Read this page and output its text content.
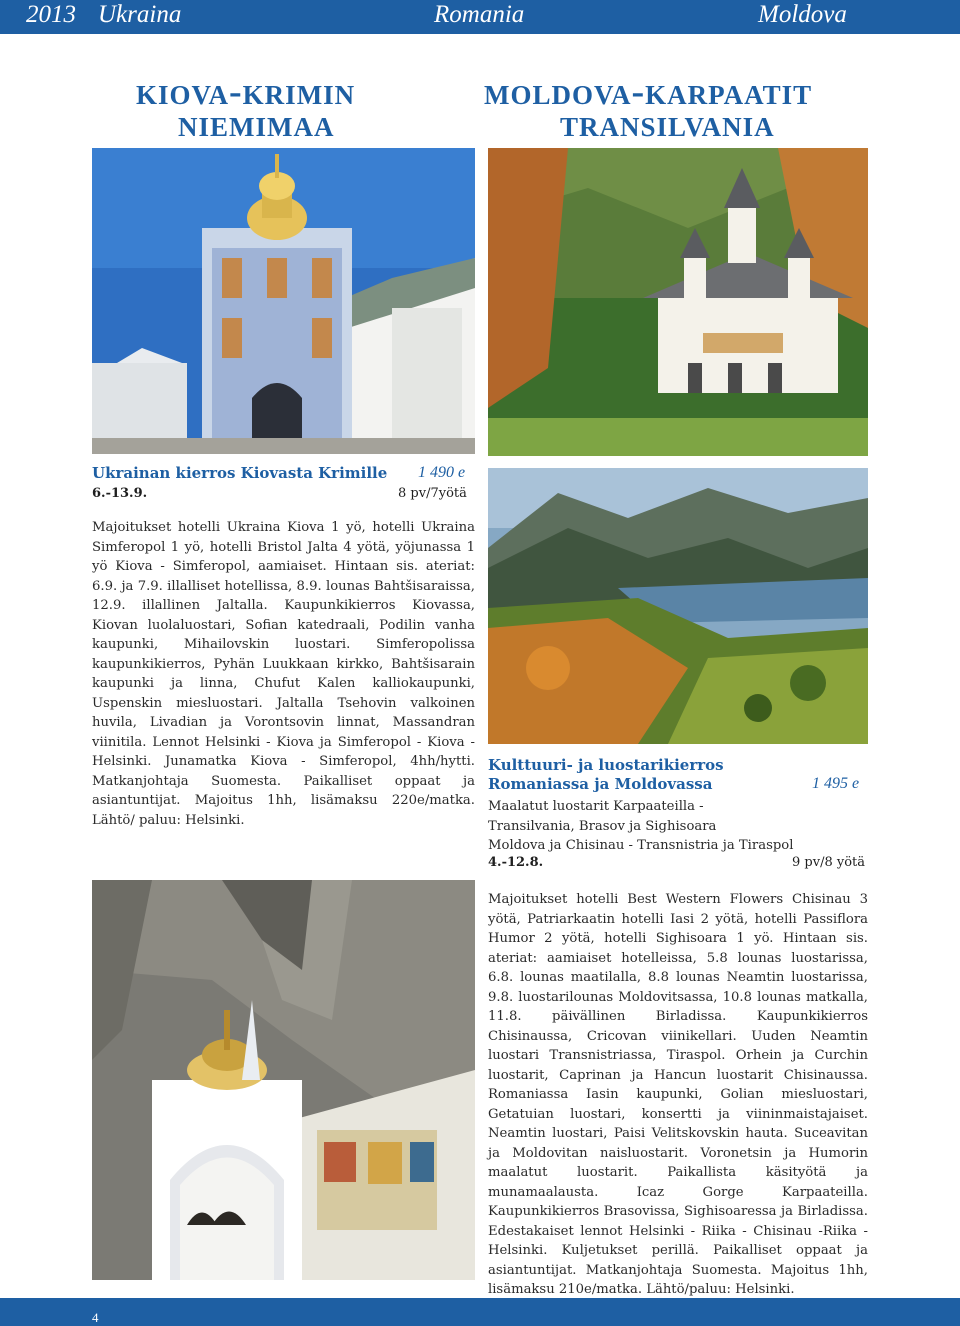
2013 Ukraina	Romania	Moldova
kiova-krimin
niemimaa
moldova-karpaatit
transilvania
Ukrainan kierros Kiovasta Krimille 1 490 e
6.-13.9.	8 pv/7yötä
Majoitukset hotelli Ukraina Kiova 1 yö, hotelli Ukraina Simferopol 1 yö, hotelli Bristol Jalta 4 yötä, yöjunassa 1 yö Kiova - Simferopol, aamiaiset. Hintaan sis. ateriat: 6.9. ja 7.9. illalliset hotellissa, 8.9. lounas Bahtšisaraissa, 12.9. illallinen Jaltalla. Kaupunkikierros Kiovassa, Kiovan luolaluostari, Sofian katedraali, Podilin vanha kaupunki, Mihailovskin luostari. Simferopolissa kaupunkikierros, Pyhän Luukkaan kirkko, Bahtšisarain kaupunki ja linna, Chufut Kalen kalliokaupunki, Uspenskin miesluostari. Jaltalla Tsehovin valkoinen huvila, Livadian ja Vorontsovin linnat, Massandran viinitila. Lennot Helsinki - Kiova ja Simferopol - Kiova - Helsinki. Junamatka Kiova - Simferopol, 4hh/hytti. Matkanjohtaja Suomesta. Paikalliset oppaat ja asiantuntijat. Majoitus 1hh, lisämaksu 220e/matka. Lähtö/ paluu: Helsinki.
Kulttuuri- ja luostarikierros
Romaniassa ja Moldovassa	1 495 e
Maalatut luostarit Karpaateilla -
Transilvania, Brasov ja Sighisoara
Moldova ja Chisinau - Transnistria ja Tiraspol
4.-12.8.	9 pv/8 yötä
Majoitukset hotelli Best Western Flowers Chisinau 3 yötä, Patriarkaatin hotelli Iasi 2 yötä, hotelli Passiflora Humor 2 yötä, hotelli Sighisoara 1 yö. Hintaan sis. ateriat: aamiaiset hotelleissa, 5.8 lounas luostarissa, 6.8. lounas maatilalla, 8.8 lounas Neamtin luostarissa, 9.8. luostarilounas Moldovitsassa, 10.8 lounas matkalla, 11.8. päivällinen Birladissa. Kaupunkikierros Chisinaussa, Cricovan viinikellari. Uuden Neamtin luostari Transnistriassa, Tiraspol. Orhein ja Curchin luostarit, Caprinan ja Hancun luostarit Chisinaussa. Romaniassa Iasin kaupunki, Golian miesluostari, Getatuian luostari, konsertti ja viininmaistajaiset. Neamtin luostari, Paisi Velitskovskin hauta. Suceavitan ja Moldovitan naisluostarit. Voronetsin ja Humorin maalatut luostarit. Paikallista käsityötä ja munamaalausta. Icaz Gorge Karpaateilla. Kaupunkikierros Brasovissa, Sighisoaressa ja Birladissa. Edestakaiset lennot Helsinki - Riika - Chisinau -Riika - Helsinki. Kuljetukset perillä. Paikalliset oppaat ja asiantuntijat. Matkanjohtaja Suomesta. Majoitus 1hh, lisämaksu 210e/matka. Lähtö/paluu: Helsinki.
4
